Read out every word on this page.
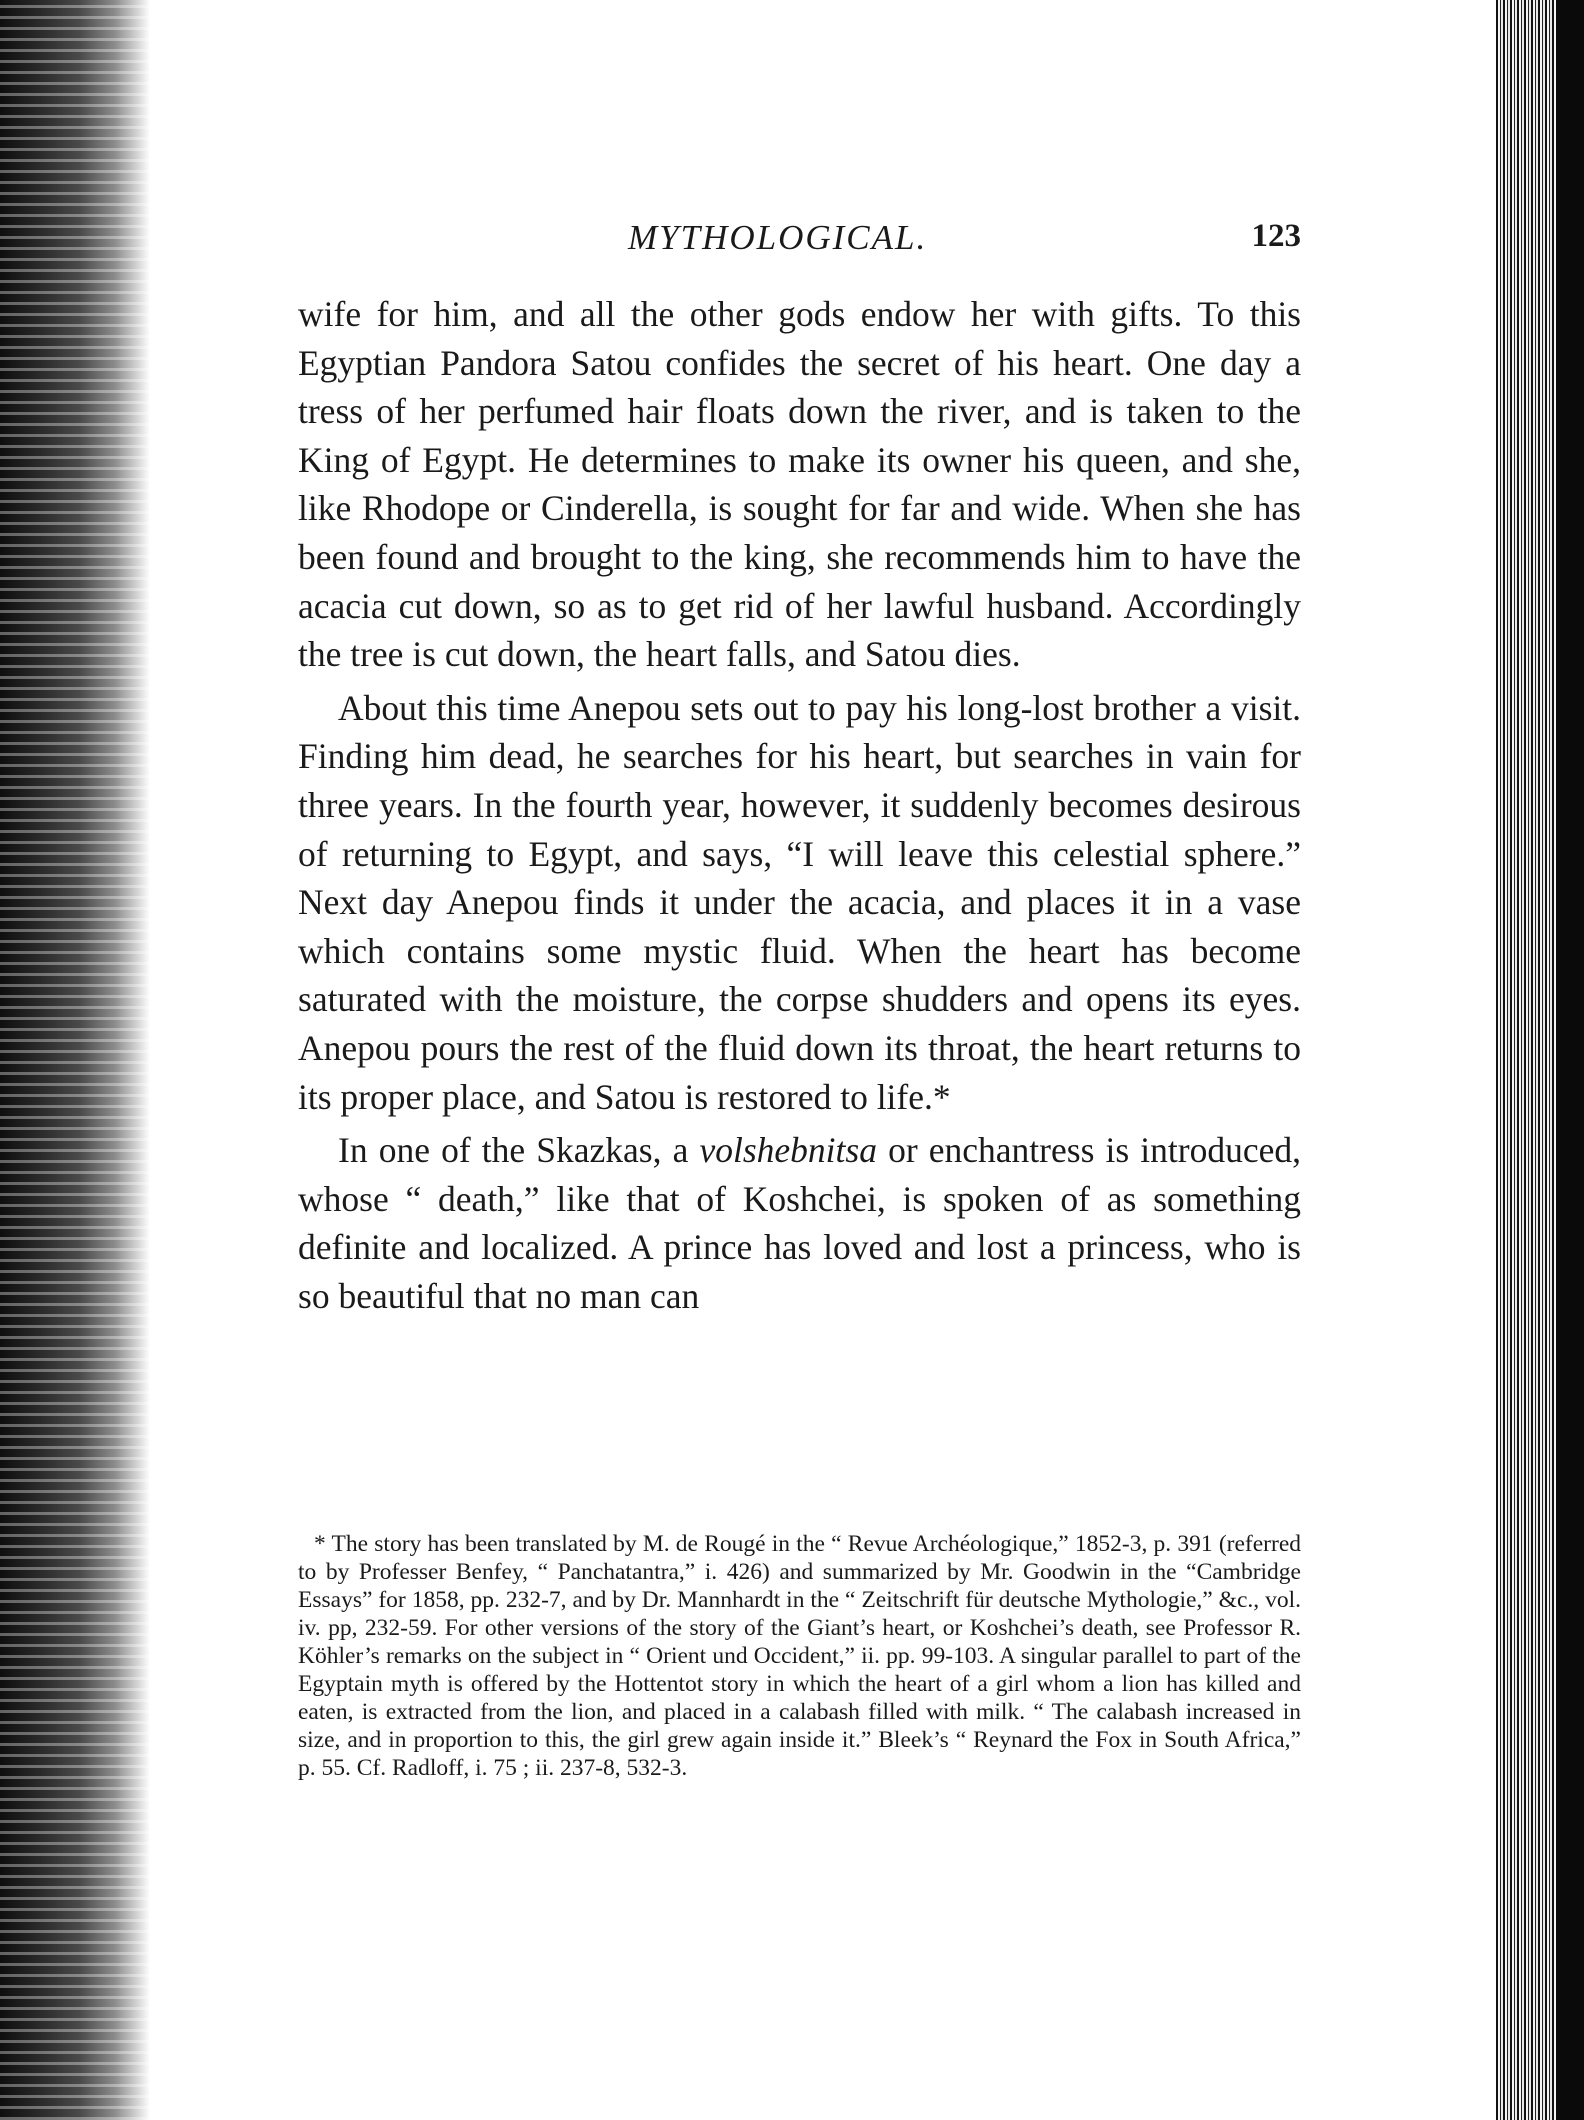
MYTHOLOGICAL.	123

wife for him, and all the other gods endow her with gifts. To this Egyptian Pandora Satou confides the secret of his heart. One day a tress of her perfumed hair floats down the river, and is taken to the King of Egypt. He determines to make its owner his queen, and she, like Rhodope or Cinderella, is sought for far and wide. When she has been found and brought to the king, she recommends him to have the acacia cut down, so as to get rid of her lawful husband. Accordingly the tree is cut down, the heart falls, and Satou dies.

About this time Anepou sets out to pay his long-lost brother a visit. Finding him dead, he searches for his heart, but searches in vain for three years. In the fourth year, however, it suddenly becomes desirous of returning to Egypt, and says, “I will leave this celestial sphere.” Next day Anepou finds it under the acacia, and places it in a vase which contains some mystic fluid. When the heart has become saturated with the moisture, the corpse shudders and opens its eyes. Anepou pours the rest of the fluid down its throat, the heart returns to its proper place, and Satou is restored to life.*

In one of the Skazkas, a volshebnitsa or enchantress is introduced, whose “ death,” like that of Koshchei, is spoken of as something definite and localized. A prince has loved and lost a princess, who is so beautiful that no man can

* The story has been translated by M. de Rougé in the “ Revue Archéologique,” 1852-3, p. 391 (referred to by Professer Benfey, “ Panchatantra,” i. 426) and summarized by Mr. Goodwin in the “Cambridge Essays” for 1858, pp. 232-7, and by Dr. Mannhardt in the “ Zeitschrift für deutsche Mythologie,” &c., vol. iv. pp, 232-59. For other versions of the story of the Giant’s heart, or Koshchei’s death, see Professor R. Köhler’s remarks on the subject in “ Orient und Occident,” ii. pp. 99-103. A singular parallel to part of the Egyptain myth is offered by the Hottentot story in which the heart of a girl whom a lion has killed and eaten, is extracted from the lion, and placed in a calabash filled with milk. “ The calabash increased in size, and in proportion to this, the girl grew again inside it.” Bleek’s “ Reynard the Fox in South Africa,” p. 55. Cf. Radloff, i. 75 ; ii. 237-8, 532-3.
